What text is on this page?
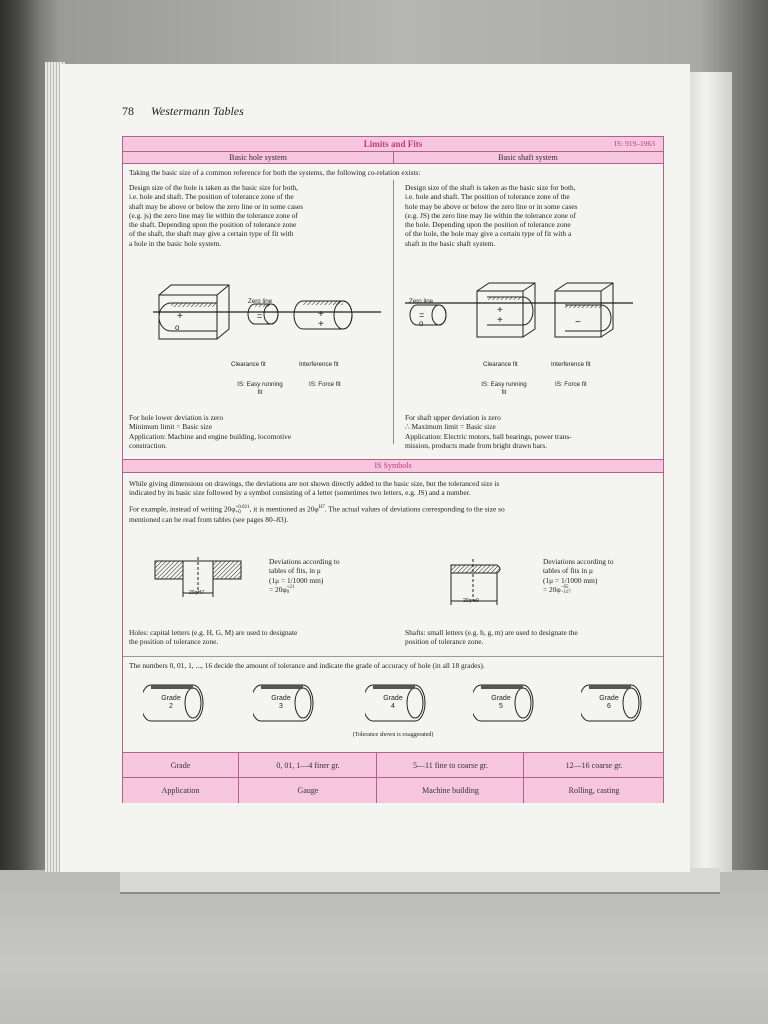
78 Westermann Tables
Limits and Fits	IS: 919–1963
Basic hole system	Basic shaft system
Taking the basic size of a common reference for both the systems, the following co-relation exists:
Design size of the hole is taken as the basic size for both,
i.e. hole and shaft. The position of tolerance zone of the
shaft may be above or below the zero line or in some cases
(e.g. js) the zero line may lie within the tolerance zone of
the shaft. Depending upon the position of tolerance zone
of the shaft, the shaft may give a certain type of fit with
a hole in the basic hole system.
Design size of the shaft is taken as the basic size for both,
i.e. hole and shaft. The position of tolerance zone of the
hole may be above or below the zero line or in some cases
(e.g. JS) the zero line may lie within the tolerance zone of
the hole. Depending upon the position of tolerance zone
of the hole, the hole may give a certain type of fit with a
shaft in the basic shaft system.
+
o
=	+
+
Zero line
Clearance fit	Interference fit
IS: Easy running
fit
IS: Force fit
=
o
+
+	−
Zero line
Clearance fit	Interference fit
IS: Easy running
fit
IS: Force fit
For hole lower deviation is zero
Minimum limit = Basic size
Application: Machine and engine building, locomotive
constraction.
For shaft upper deviation is zero
∴ Maximum limit = Basic size
Application: Electric motors, ball bearings, power trans-
mission, products made from bright drawn bars.
IS Symbols
While giving dimensions on drawings, the deviations are not shown directly added to the basic size, but the toleranced size is
indicated by its basic size followed by a symbol consisting of a letter (sometimes two letters, e.g. JS) and a number.
For example, instead of writing 20φ +0.021
+0	, it is mentioned as $20\varphi^{H7}$. The actual values of deviations corresponding to the size so
mentioned can be read from tables (see pages 80–83).
20φH7
Deviations according to
tables of fits, in μ
(1μ = 1/1000 mm)
= 20φ +21
0
20φ e9
Deviations according to
tables of fits in μ
(1μ = 1/1000 mm)
= 20φ −65
−117
Holes: capital letters (e.g. H, G, M) are used to designate
the position of tolerance zone.
Shafts: small letters (e.g. h, g, m) are used to designate the
position of tolerance zone.
The numbers 0, 01, 1, ..., 16 decide the amount of tolerance and indicate the grade of accuracy of hole (in all 18 grades).
Grade
2
Grade
3
Grade
4
Grade
5
Grade
6
(Tolerance shown is exaggerated)
Grade	0, 01, 1—4 finer gr.	5—11 fine to coarse gr.	12—16 coarse gr.
Application	Gauge	Machine building	Rolling, casting
